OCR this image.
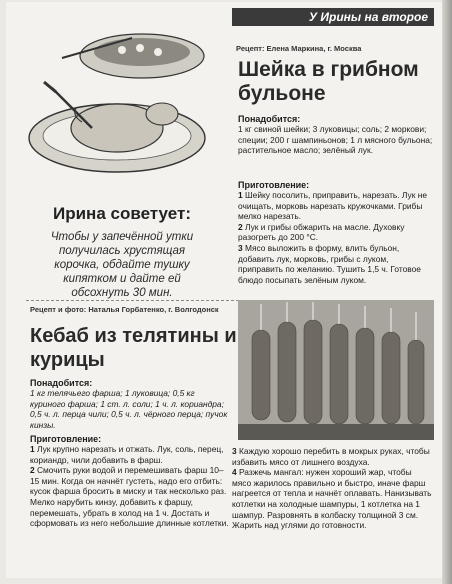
У Ирины на второе
Ирина советует:
Чтобы у запечённой утки получилась хрустящая корочка, обдайте тушку кипятком и дайте ей обсохнуть 30 мин.
Рецепт: Елена Маркина, г. Москва
Шейка в грибном бульоне
Понадобится:

1 кг свиной шейки; 3 луковицы; соль; 2 моркови; специи; 200 г шампиньонов; 1 л мясного бульона; растительное масло; зелёный лук.

Приготовление:

1 Шейку посолить, приправить, нарезать. Лук не очищать, морковь нарезать кружочками. Грибы мелко нарезать.

2 Лук и грибы обжарить на масле. Духовку разогреть до 200 °C.

3 Мясо выложить в форму, влить бульон, добавить лук, морковь, грибы с луком, приправить по желанию. Тушить 1,5 ч. Готовое блюдо посыпать зелёным луком.

Рецепт и фото: Наталья Горбатенко, г. Волгодонск
Кебаб из телятины и курицы
Понадобится:

1 кг телячьего фарша; 1 луковица; 0,5 кг куриного фарша; 1 ст. л. соли; 1 ч. л. кориандра; 0,5 ч. л. перца чили; 0,5 ч. л. чёрного перца; пучок кинзы.

Приготовление:

1 Лук крупно нарезать и отжать. Лук, соль, перец, кориандр, чили добавить в фарш.

2 Смочить руки водой и перемешивать фарш 10–15 мин. Когда он начнёт густеть, надо его отбить: кусок фарша бросить в миску и так несколько раз. Мелко нарубить кинзу, добавить к фаршу, перемешать, убрать в холод на 1 ч. Достать и сформовать из него небольшие длинные котлетки.

3 Каждую хорошо перебить в мокрых руках, чтобы избавить мясо от лишнего воздуха.

4 Разжечь мангал: нужен хороший жар, чтобы мясо жарилось правильно и быстро, иначе фарш нагреется от тепла и начнёт оплавать. Нанизывать котлетки на холодные шампуры, 1 котлетка на 1 шампур. Разровнять в колбаску толщиной 3 см. Жарить над углями до готовности.
